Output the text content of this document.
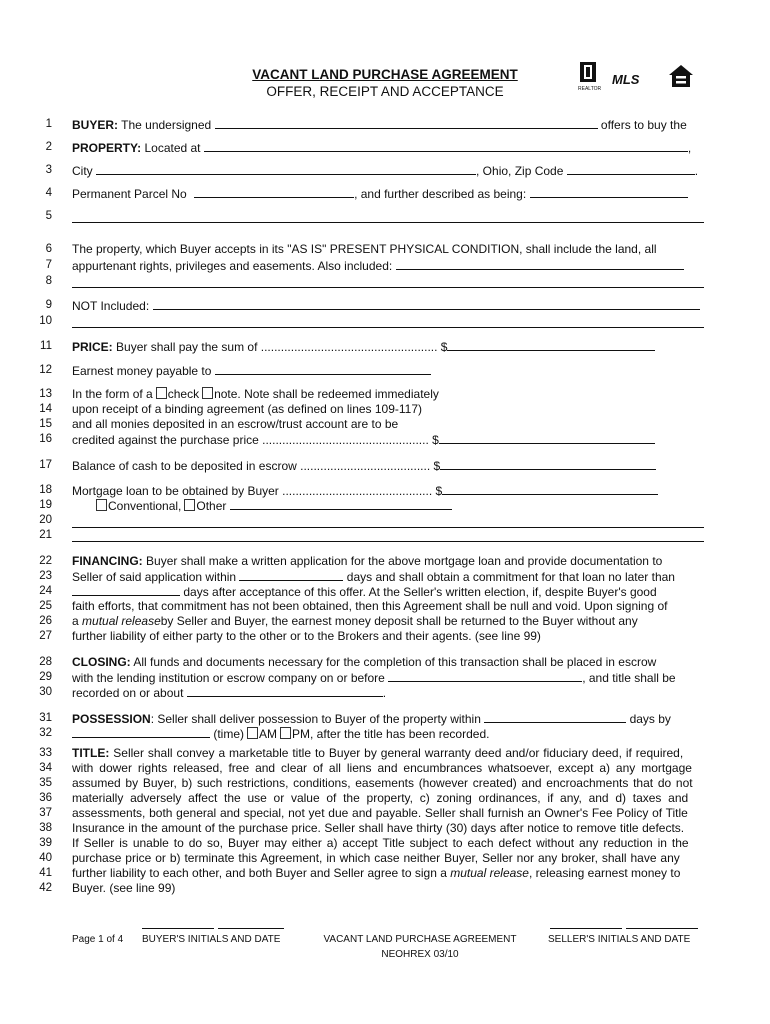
VACANT LAND PURCHASE AGREEMENT
OFFER, RECEIPT AND ACCEPTANCE	REALTOR
MLS
1
2
3
4
5
6
7
8
9
10
11
12
13
14
15
16
17
18
19
20
21
22
23
24
25
26
27
28
29
30
31
32
33
34
35
36
37
38
39
40
41
42
BUYER: The undersigned	offers to buy the
PROPERTY: Located at	,
City	, Ohio, Zip Code	.
Permanent Parcel No	, and further described as being:
The property, which Buyer accepts in its "AS IS" PRESENT PHYSICAL CONDITION, shall include the land, all
appurtenant rights, privileges and easements. Also included:
NOT Included:
PRICE: Buyer shall pay the sum of ..................................................... $
Earnest money payable to
In the form of a check note. Note shall be redeemed immediately
upon receipt of a binding agreement (as defined on lines 109-117)
and all monies deposited in an escrow/trust account are to be
credited against the purchase price .................................................. $
Balance of cash to be deposited in escrow ....................................... $
Mortgage loan to be obtained by Buyer ............................................. $
Conventional, Other
FINANCING: Buyer shall make a written application for the above mortgage loan and provide documentation to
Seller of said application within	days and shall obtain a commitment for that loan no later than
days after acceptance of this offer. At the Seller's written election, if, despite Buyer's good
faith efforts, that commitment has not been obtained, then this Agreement shall be null and void. Upon signing of
a mutual releaseby Seller and Buyer, the earnest money deposit shall be returned to the Buyer without any
further liability of either party to the other or to the Brokers and their agents. (see line 99)
CLOSING: All funds and documents necessary for the completion of this transaction shall be placed in escrow
with the lending institution or escrow company on or before	, and title shall be
recorded on or about	.
POSSESSION: Seller shall deliver possession to Buyer of the property within	days by
(time) AM PM, after the title has been recorded.
TITLE: Seller shall convey a marketable title to Buyer by general warranty deed and/or fiduciary deed, if required,
with dower rights released, free and clear of all liens and encumbrances whatsoever, except a) any mortgage
assumed by Buyer, b) such restrictions, conditions, easements (however created) and encroachments that do not
materially adversely affect the use or value of the property, c) zoning ordinances, if any, and d) taxes and
assessments, both general and special, not yet due and payable. Seller shall furnish an Owner's Fee Policy of Title
Insurance in the amount of the purchase price. Seller shall have thirty (30) days after notice to remove title defects.
If Seller is unable to do so, Buyer may either a) accept Title subject to each defect without any reduction in the
purchase price or b) terminate this Agreement, in which case neither Buyer, Seller nor any broker, shall have any
further liability to each other, and both Buyer and Seller agree to sign a mutual release, releasing earnest money to
Buyer. (see line 99)
Page 1 of 4 BUYER'S INITIALS AND DATE	VACANT LAND PURCHASE AGREEMENT
NEOHREX 03/10
SELLER'S INITIALS AND DATE
